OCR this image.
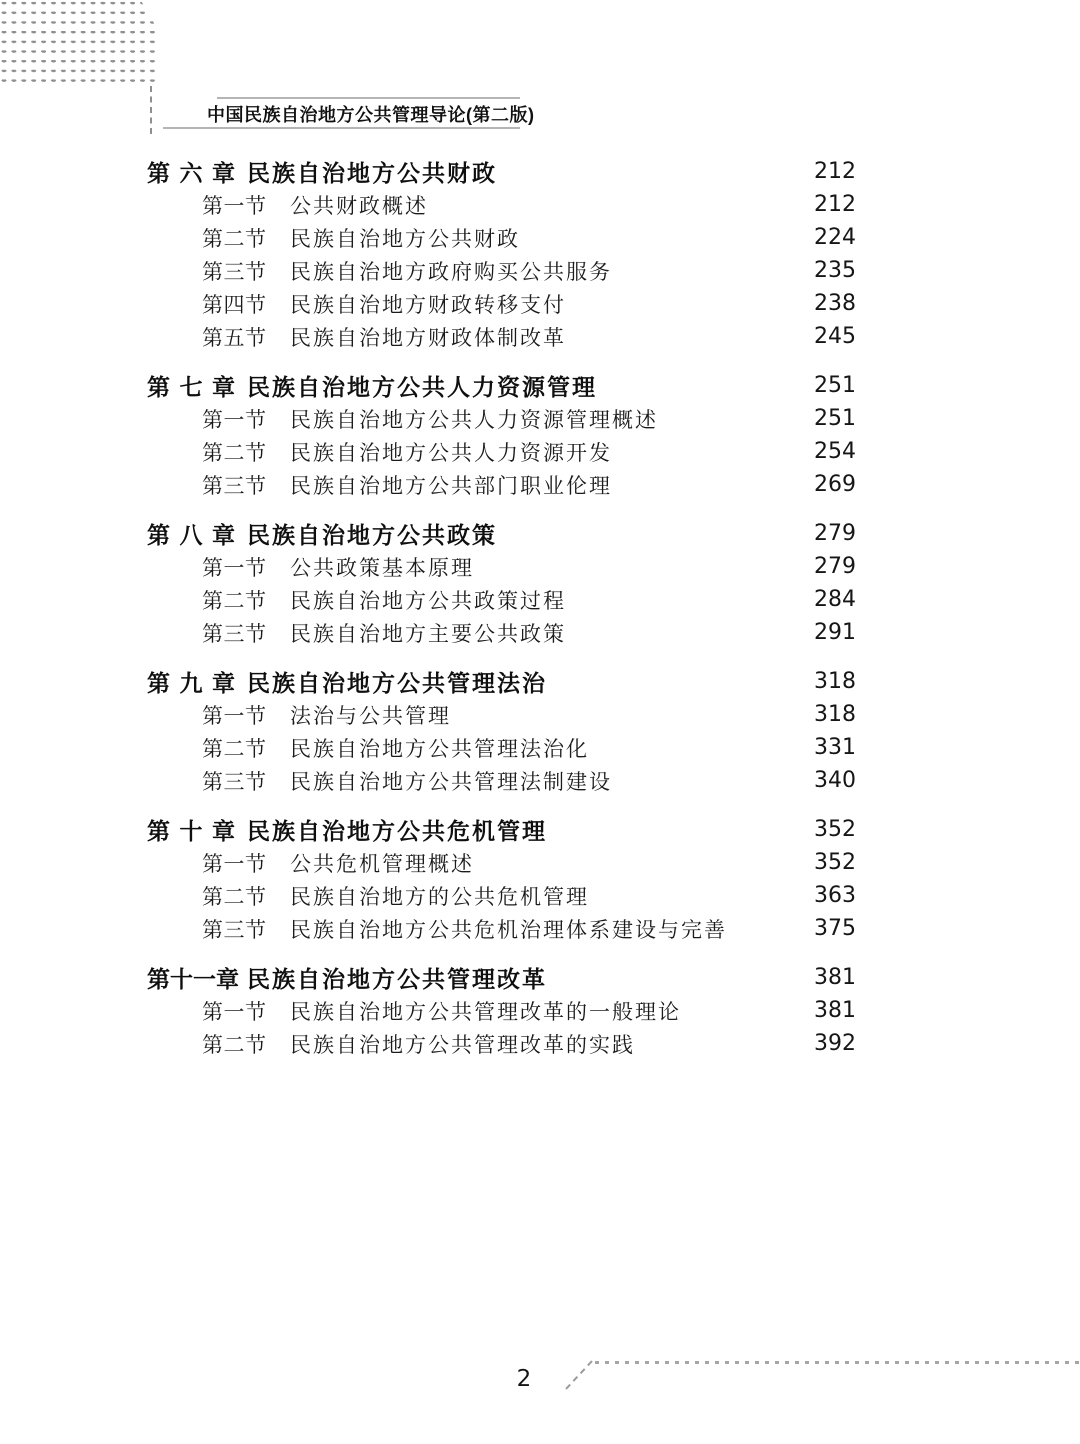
中国民族自治地方公共管理导论(第二版)
第六章 民族自治地方公共财政	212
第一节 公共财政概述	212
第二节 民族自治地方公共财政	224
第三节 民族自治地方政府购买公共服务	235
第四节 民族自治地方财政转移支付	238
第五节 民族自治地方财政体制改革	245
第七章 民族自治地方公共人力资源管理	251
第一节 民族自治地方公共人力资源管理概述	251
第二节 民族自治地方公共人力资源开发	254
第三节 民族自治地方公共部门职业伦理	269
第八章 民族自治地方公共政策	279
第一节 公共政策基本原理	279
第二节 民族自治地方公共政策过程	284
第三节 民族自治地方主要公共政策	291
第九章 民族自治地方公共管理法治	318
第一节 法治与公共管理	318
第二节 民族自治地方公共管理法治化	331
第三节 民族自治地方公共管理法制建设	340
第十章 民族自治地方公共危机管理	352
第一节 公共危机管理概述	352
第二节 民族自治地方的公共危机管理	363
第三节 民族自治地方公共危机治理体系建设与完善	375
第十一章 民族自治地方公共管理改革	381
第一节 民族自治地方公共管理改革的一般理论	381
第二节 民族自治地方公共管理改革的实践	392
2
